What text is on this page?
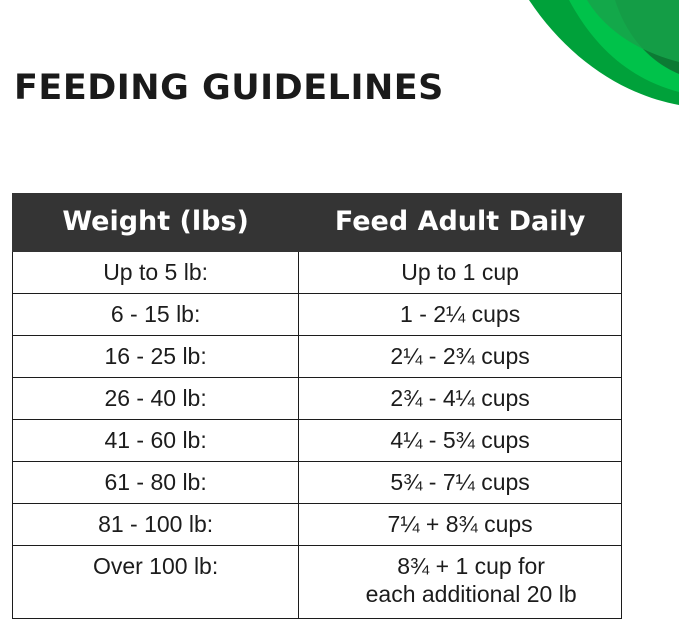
FEEDING GUIDELINES
Weight (lbs)	Feed Adult Daily
Up to 5 lb:	Up to 1 cup
6 - 15 lb:	1 - 2¼ cups
16 - 25 lb:	2¼ - 2¾ cups
26 - 40 lb:	2¾ - 4¼ cups
41 - 60 lb:	4¼ - 5¾ cups
61 - 80 lb:	5¾ - 7¼ cups
81 - 100 lb:	7¼ + 8¾ cups
Over 100 lb:	8¾ + 1 cup for
each additional 20 lb
